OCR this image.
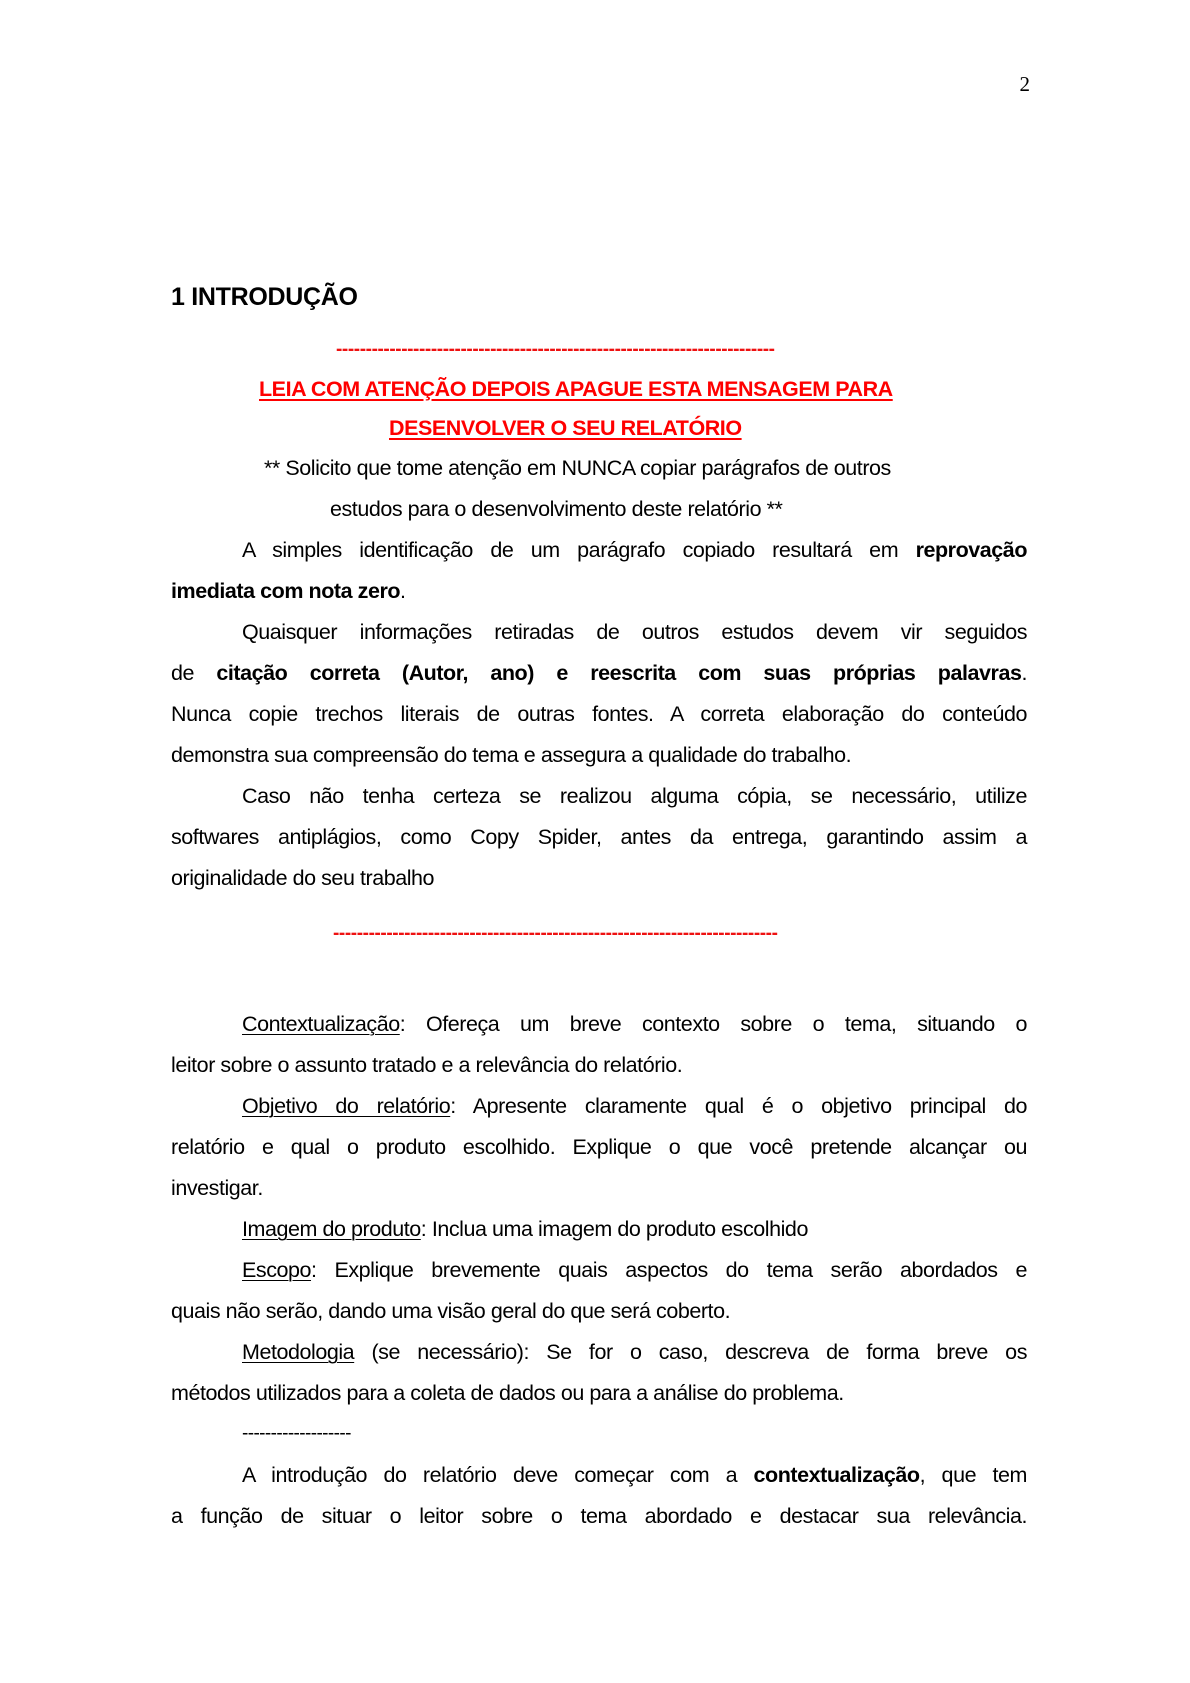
2
1 INTRODUÇÃO
--------------------------------------------------------------------------
LEIA COM ATENÇÃO DEPOIS APAGUE ESTA MENSAGEM PARA
DESENVOLVER O SEU RELATÓRIO
** Solicito que tome atenção em NUNCA copiar parágrafos de outros
estudos para o desenvolvimento deste relatório **
A simples identificação de um parágrafo copiado resultará em reprovação
imediata com nota zero.
Quaisquer informações retiradas de outros estudos devem vir seguidos
de citação correta (Autor, ano) e reescrita com suas próprias palavras.
Nunca copie trechos literais de outras fontes. A correta elaboração do conteúdo
demonstra sua compreensão do tema e assegura a qualidade do trabalho.
Caso não tenha certeza se realizou alguma cópia, se necessário, utilize
softwares antiplágios, como Copy Spider, antes da entrega, garantindo assim a
originalidade do seu trabalho
---------------------------------------------------------------------------
Contextualização: Ofereça um breve contexto sobre o tema, situando o
leitor sobre o assunto tratado e a relevância do relatório.
Objetivo do relatório: Apresente claramente qual é o objetivo principal do
relatório e qual o produto escolhido. Explique o que você pretende alcançar ou
investigar.
Imagem do produto: Inclua uma imagem do produto escolhido
Escopo: Explique brevemente quais aspectos do tema serão abordados e
quais não serão, dando uma visão geral do que será coberto.
Metodologia (se necessário): Se for o caso, descreva de forma breve os
métodos utilizados para a coleta de dados ou para a análise do problema.
-------------------
A introdução do relatório deve começar com a contextualização, que tem
a função de situar o leitor sobre o tema abordado e destacar sua relevância.
